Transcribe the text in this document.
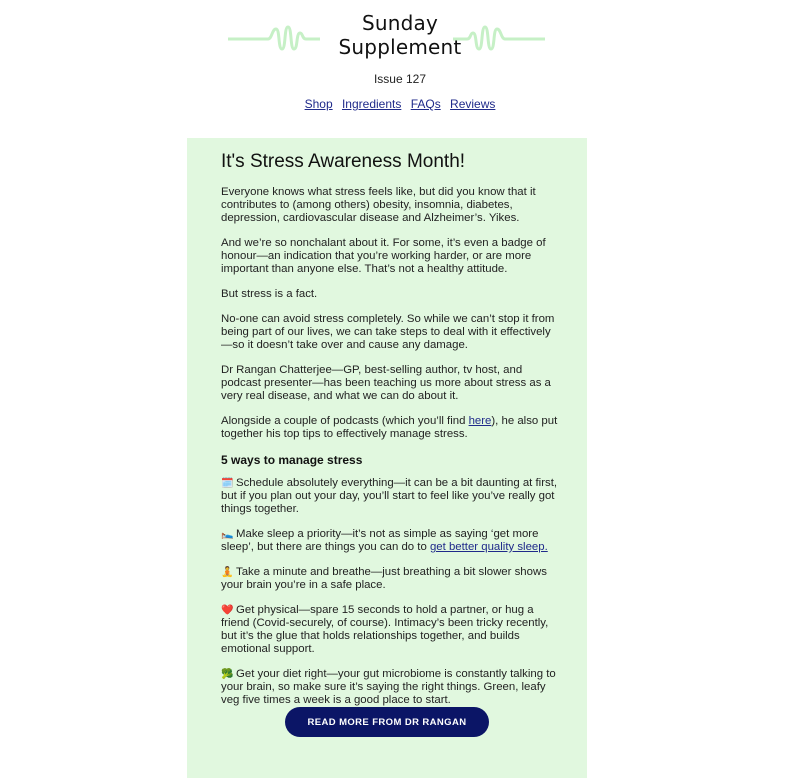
Sunday
Supplement
Issue 127
Shop Ingredients FAQs Reviews
It's Stress Awareness Month!

Everyone knows what stress feels like, but did you know that it contributes to (among others) obesity, insomnia, diabetes, depression, cardiovascular disease and Alzheimer’s. Yikes.

And we’re so nonchalant about it. For some, it’s even a badge of honour—an indication that you’re working harder, or are more important than anyone else. That’s not a healthy attitude.

But stress is a fact.

No-one can avoid stress completely. So while we can’t stop it from being part of our lives, we can take steps to deal with it effectively—so it doesn’t take over and cause any damage.

Dr Rangan Chatterjee—GP, best-selling author, tv host, and podcast presenter—has been teaching us more about stress as a very real disease, and what we can do about it.

Alongside a couple of podcasts (which you’ll find here), he also put together his top tips to effectively manage stress.

5 ways to manage stress

🗓️ Schedule absolutely everything—it can be a bit daunting at first, but if you plan out your day, you’ll start to feel like you’ve really got things together.

🛌 Make sleep a priority—it’s not as simple as saying ‘get more sleep’, but there are things you can do to get better quality sleep.

🧘 Take a minute and breathe—just breathing a bit slower shows your brain you’re in a safe place.

❤️ Get physical—spare 15 seconds to hold a partner, or hug a friend (Covid-securely, of course). Intimacy’s been tricky recently, but it’s the glue that holds relationships together, and builds emotional support.

🥦 Get your diet right—your gut microbiome is constantly talking to your brain, so make sure it’s saying the right things. Green, leafy veg five times a week is a good place to start.

READ MORE FROM DR RANGAN
